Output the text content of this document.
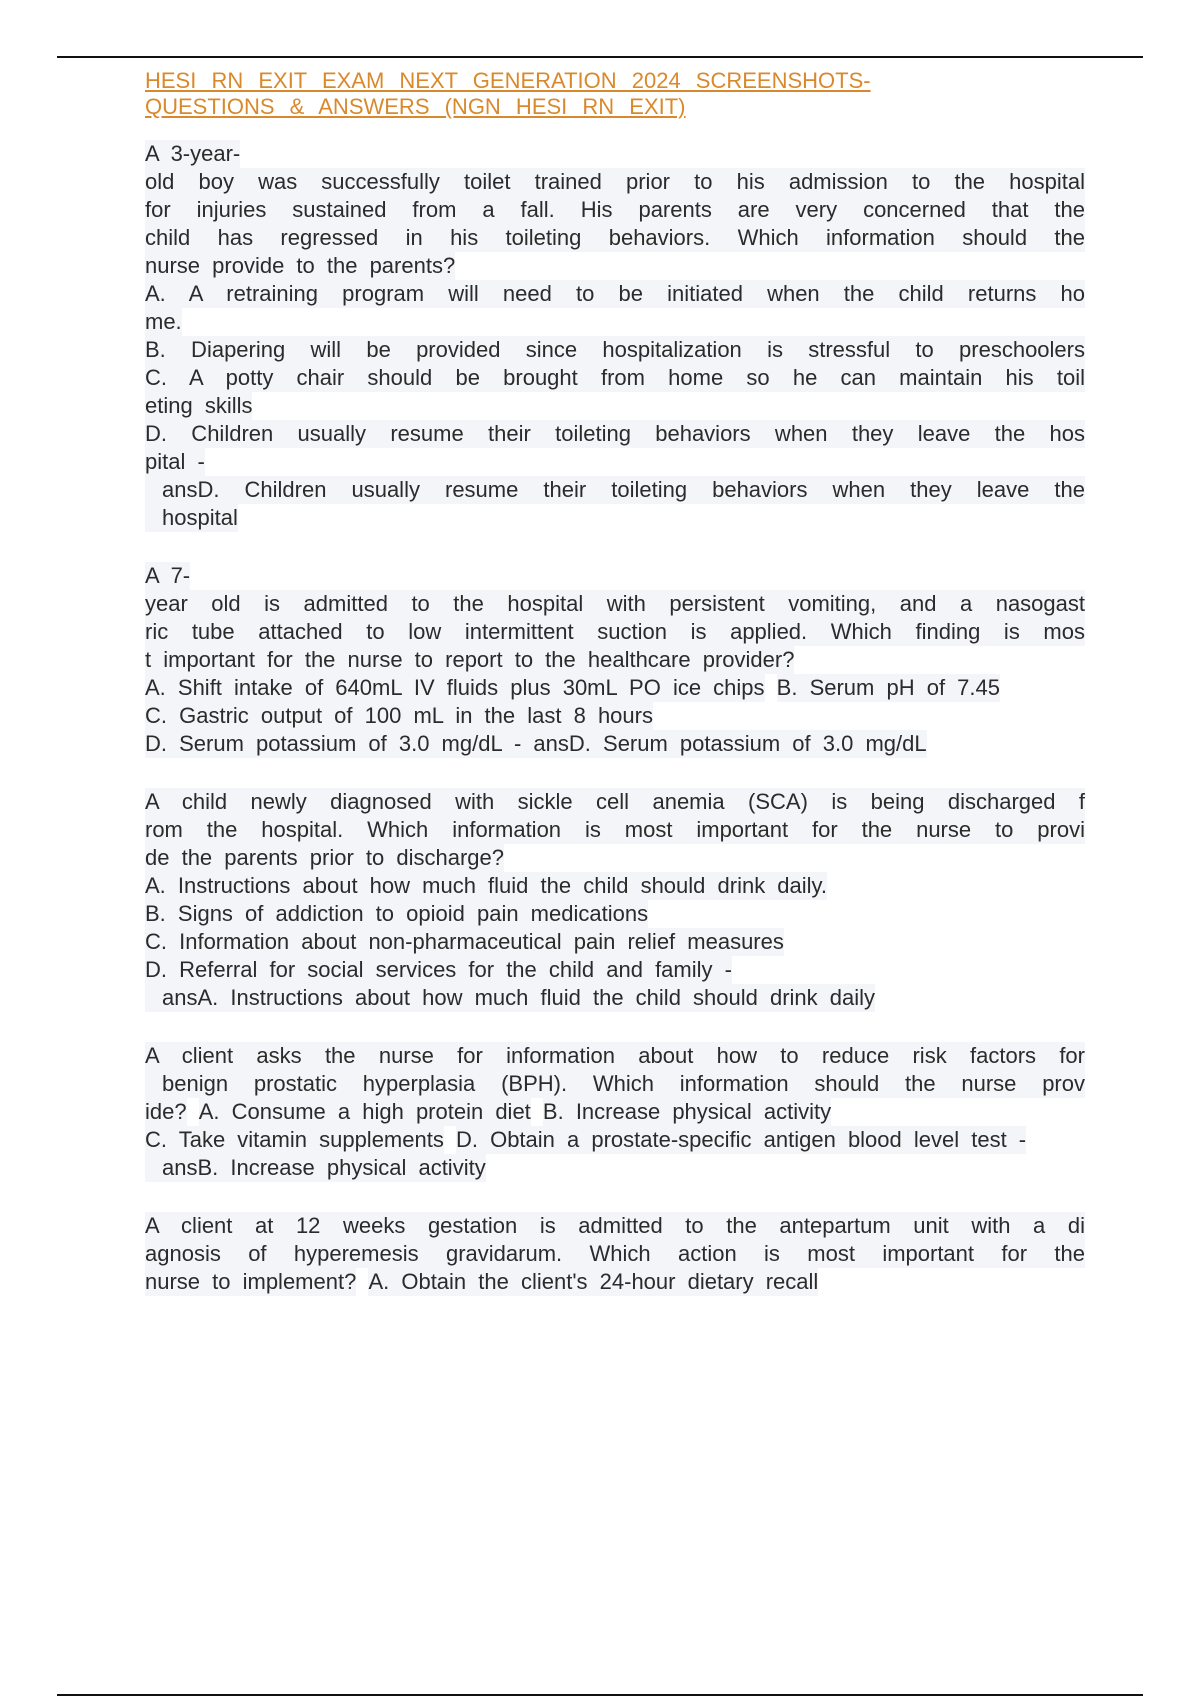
HESI RN EXIT EXAM NEXT GENERATION 2024 SCREENSHOTS-
QUESTIONS & ANSWERS (NGN HESI RN EXIT)
A 3-year-
old boy was successfully toilet trained prior to his admission to the hospital
for injuries sustained from a fall. His parents are very concerned that the
child has regressed in his toileting behaviors. Which information should the
nurse provide to the parents?
A. A retraining program will need to be initiated when the child returns ho
me.
B. Diapering will be provided since hospitalization is stressful to preschoolers
C. A potty chair should be brought from home so he can maintain his toil
eting skills
D. Children usually resume their toileting behaviors when they leave the hos
pital -
ansD. Children usually resume their toileting behaviors when they leave the
hospital
A 7-
year old is admitted to the hospital with persistent vomiting, and a nasogast
ric tube attached to low intermittent suction is applied. Which finding is mos
t important for the nurse to report to the healthcare provider? A. Shift intake of 640mL IV fluids plus 30mL PO ice chips B. Serum pH of 7.45 C. Gastric output of 100 mL in the last 8 hours D. Serum potassium of 3.0 mg/dL - ansD. Serum potassium of 3.0 mg/dL
A child newly diagnosed with sickle cell anemia (SCA) is being discharged f
rom the hospital. Which information is most important for the nurse to provi
de the parents prior to discharge? A. Instructions about how much fluid the child should drink daily. B. Signs of addiction to opioid pain medications C. Information about non-pharmaceutical pain relief measures D. Referral for social services for the child and family - ansA. Instructions about how much fluid the child should drink daily
A client asks the nurse for information about how to reduce risk factors for
benign prostatic hyperplasia (BPH). Which information should the nurse prov
ide? A. Consume a high protein diet B. Increase physical activity C. Take vitamin supplements D. Obtain a prostate-specific antigen blood level test - ansB. Increase physical activity
A client at 12 weeks gestation is admitted to the antepartum unit with a di
agnosis of hyperemesis gravidarum. Which action is most important for the
nurse to implement? A. Obtain the client's 24-hour dietary recall
